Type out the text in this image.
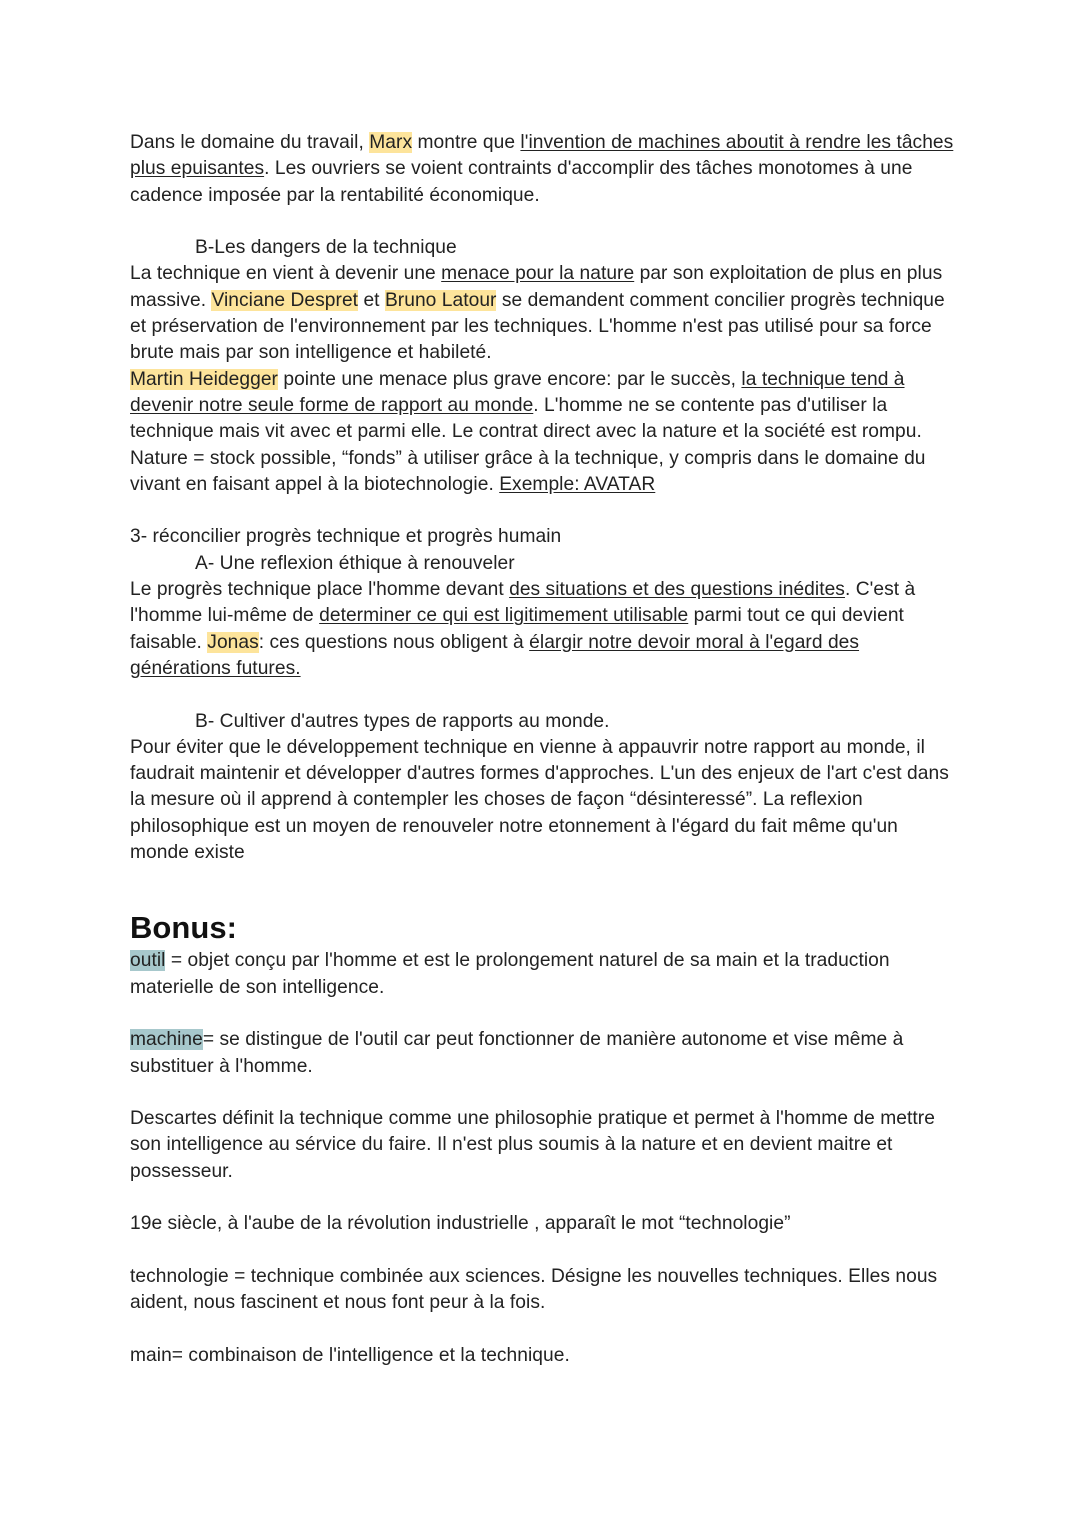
Dans le domaine du travail, Marx montre que l'invention de machines aboutit à rendre les tâches plus epuisantes. Les ouvriers se voient contraints d'accomplir des tâches monotomes à une cadence imposée par la rentabilité économique.

B-Les dangers de la technique

La technique en vient à devenir une menace pour la nature par son exploitation de plus en plus massive. Vinciane Despret et Bruno Latour se demandent comment concilier progrès technique et préservation de l'environnement par les techniques. L'homme n'est pas utilisé pour sa force brute mais par son intelligence et habileté.

Martin Heidegger pointe une menace plus grave encore: par le succès, la technique tend à devenir notre seule forme de rapport au monde. L'homme ne se contente pas d'utiliser la technique mais vit avec et parmi elle. Le contrat direct avec la nature et la société est rompu. Nature = stock possible, “fonds” à utiliser grâce à la technique, y compris dans le domaine du vivant en faisant appel à la biotechnologie. Exemple: AVATAR

3- réconcilier progrès technique et progrès humain

A- Une reflexion éthique à renouveler

Le progrès technique place l'homme devant des situations et des questions inédites. C'est à l'homme lui-même de determiner ce qui est ligitimement utilisable parmi tout ce qui devient faisable. Jonas: ces questions nous obligent à élargir notre devoir moral à l'egard des générations futures.

B- Cultiver d'autres types de rapports au monde.

Pour éviter que le développement technique en vienne à appauvrir notre rapport au monde, il faudrait maintenir et développer d'autres formes d'approches. L'un des enjeux de l'art c'est dans la mesure où il apprend à contempler les choses de façon “désinteressé”. La reflexion philosophique est un moyen de renouveler notre etonnement à l'égard du fait même qu'un monde existe

Bonus:

outil = objet conçu par l'homme et est le prolongement naturel de sa main et la traduction materielle de son intelligence.

machine= se distingue de l'outil car peut fonctionner de manière autonome et vise même à substituer à l'homme.

Descartes définit la technique comme une philosophie pratique et permet à l'homme de mettre son intelligence au sérvice du faire. Il n'est plus soumis à la nature et en devient maitre et possesseur.

19e siècle, à l'aube de la révolution industrielle , apparaît le mot “technologie”

technologie = technique combinée aux sciences. Désigne les nouvelles techniques. Elles nous aident, nous fascinent et nous font peur à la fois.

main= combinaison de l'intelligence et la technique.
